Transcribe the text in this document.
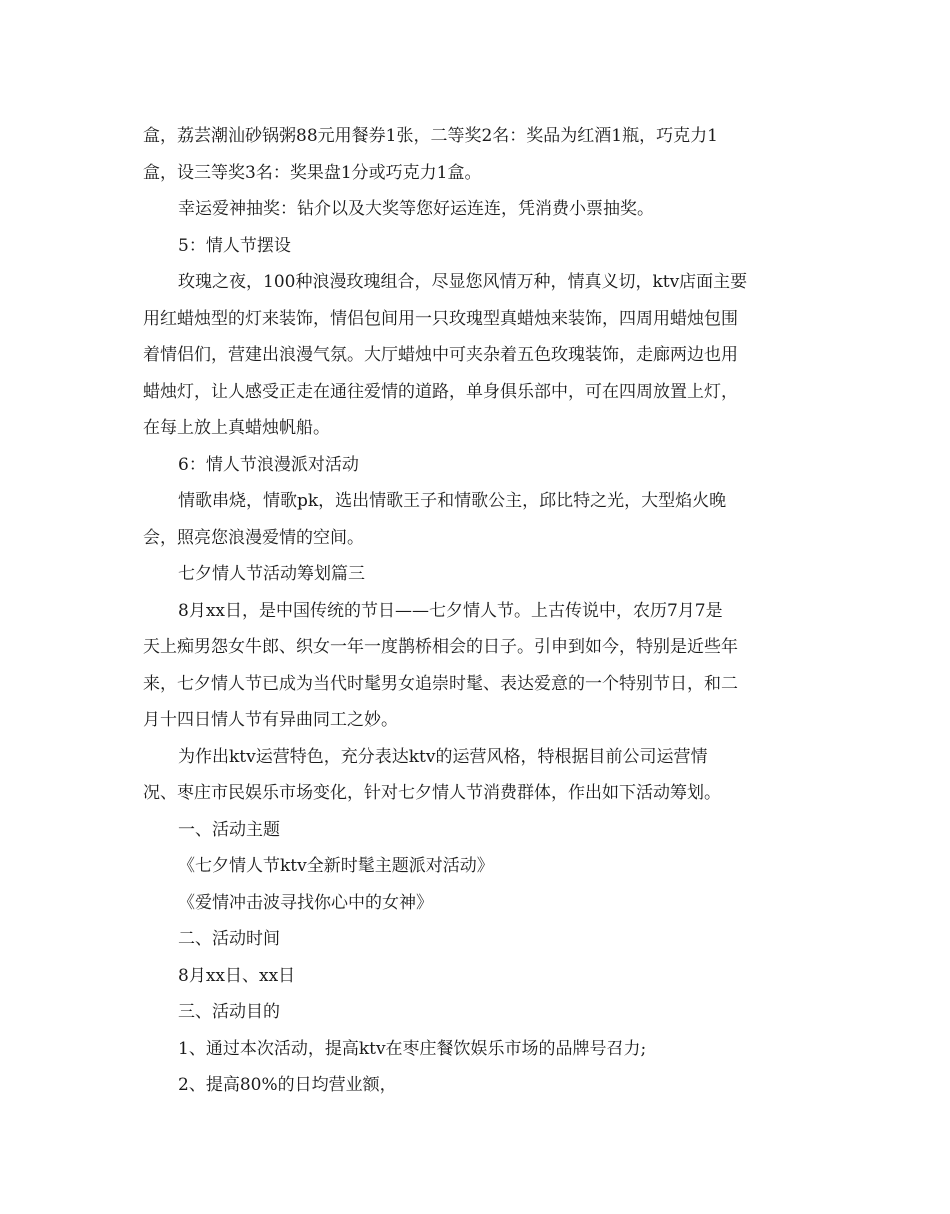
盒，荔芸潮汕砂锅粥88元用餐券1张，二等奖2名：奖品为红酒1瓶，巧克力1

盒，设三等奖3名：奖果盘1分或巧克力1盒。

幸运爱神抽奖：钻介以及大奖等您好运连连，凭消费小票抽奖。

5：情人节摆设

玫瑰之夜，100种浪漫玫瑰组合，尽显您风情万种，情真义切，ktv店面主要

用红蜡烛型的灯来装饰，情侣包间用一只玫瑰型真蜡烛来装饰，四周用蜡烛包围

着情侣们，营建出浪漫气氛。大厅蜡烛中可夹杂着五色玫瑰装饰，走廊两边也用

蜡烛灯，让人感受正走在通往爱情的道路，单身俱乐部中，可在四周放置上灯，

在每上放上真蜡烛帆船。

6：情人节浪漫派对活动

情歌串烧，情歌pk，选出情歌王子和情歌公主，邱比特之光，大型焰火晚

会，照亮您浪漫爱情的空间。

七夕情人节活动筹划篇三

8月xx日，是中国传统的节日——七夕情人节。上古传说中，农历7月7是

天上痴男怨女牛郎、织女一年一度鹊桥相会的日子。引申到如今，特别是近些年

来，七夕情人节已成为当代时髦男女追崇时髦、表达爱意的一个特别节日，和二

月十四日情人节有异曲同工之妙。

为作出ktv运营特色，充分表达ktv的运营风格，特根据目前公司运营情

况、枣庄市民娱乐市场变化，针对七夕情人节消费群体，作出如下活动筹划。

一、活动主题

《七夕情人节ktv全新时髦主题派对活动》

《爱情冲击波寻找你心中的女神》

二、活动时间

8月xx日、xx日

三、活动目的

1、通过本次活动，提高ktv在枣庄餐饮娱乐市场的品牌号召力;

2、提高80%的日均营业额，
